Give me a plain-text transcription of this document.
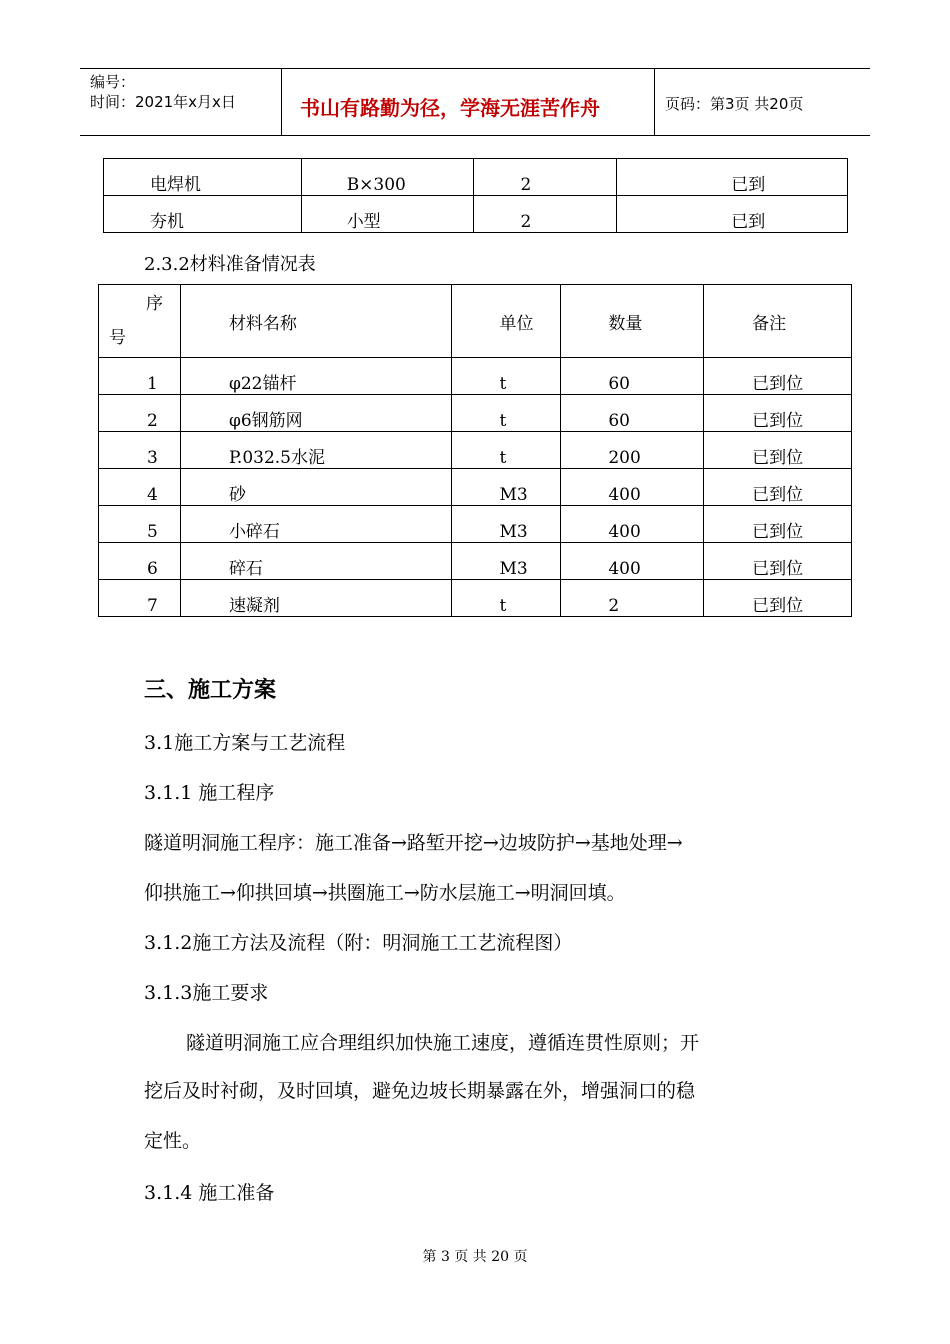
编号：
时间：2021年x月x日	书山有路勤为径，学海无涯苦作舟	页码：第3页 共20页
电焊机	B×300	2	已到
夯机	小型	2	已到
2.3.2材料准备情况表
序
号	材料名称	单位	数量	备注
1	φ22锚杆	t	60	已到位
2	φ6钢筋网	t	60	已到位
3	P.032.5水泥	t	200	已到位
4	砂	M3	400	已到位
5	小碎石	M3	400	已到位
6	碎石	M3	400	已到位
7	速凝剂	t	2	已到位
三、施工方案
3.1施工方案与工艺流程
3.1.1 施工程序
隧道明洞施工程序：施工准备→路堑开挖→边坡防护→基地处理→
仰拱施工→仰拱回填→拱圈施工→防水层施工→明洞回填。
3.1.2施工方法及流程（附：明洞施工工艺流程图）
3.1.3施工要求
隧道明洞施工应合理组织加快施工速度，遵循连贯性原则；开
挖后及时衬砌，及时回填，避免边坡长期暴露在外，增强洞口的稳
定性。
3.1.4 施工准备
第 3 页 共 20 页
